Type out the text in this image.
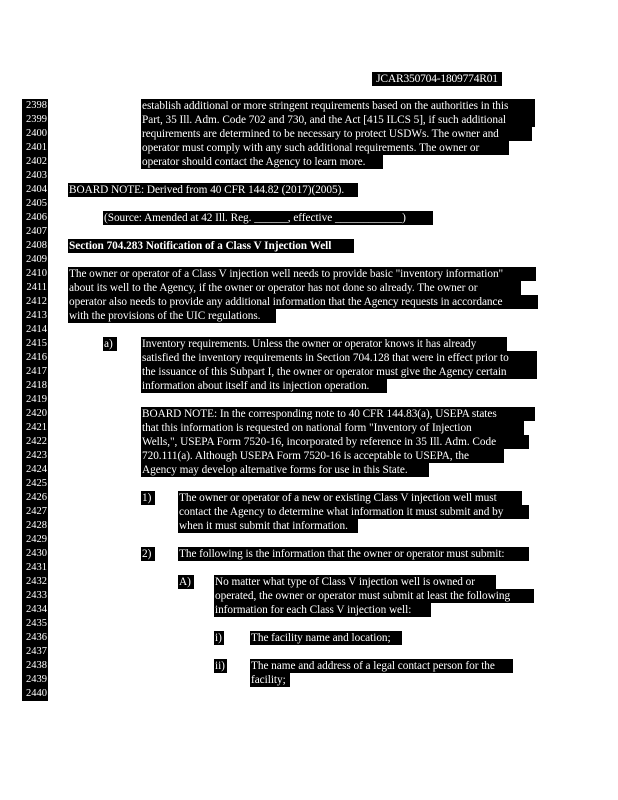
JCAR350704-1809774R01
2398
2399
2400
2401
2402
2403
2404
2405
2406
2407
2408
2409
2410
2411
2412
2413
2414
2415
2416
2417
2418
2419
2420
2421
2422
2423
2424
2425
2426
2427
2428
2429
2430
2431
2432
2433
2434
2435
2436
2437
2438
2439
2440
establish additional or more stringent requirements based on the authorities in this
Part, 35 Ill. Adm. Code 702 and 730, and the Act [415 ILCS 5], if such additional
requirements are determined to be necessary to protect USDWs. The owner and
operator must comply with any such additional requirements. The owner or
operator should contact the Agency to learn more.
BOARD NOTE: Derived from 40 CFR 144.82 (2017)(2005).
(Source: Amended at 42 Ill. Reg. ______, effective ____________)
Section 704.283 Notification of a Class V Injection Well
The owner or operator of a Class V injection well needs to provide basic "inventory information"
about its well to the Agency, if the owner or operator has not done so already. The owner or
operator also needs to provide any additional information that the Agency requests in accordance
with the provisions of the UIC regulations.
a)	Inventory requirements. Unless the owner or operator knows it has already
satisfied the inventory requirements in Section 704.128 that were in effect prior to
the issuance of this Subpart I, the owner or operator must give the Agency certain
information about itself and its injection operation.
BOARD NOTE: In the corresponding note to 40 CFR 144.83(a), USEPA states
that this information is requested on national form "Inventory of Injection
Wells,", USEPA Form 7520-16, incorporated by reference in 35 Ill. Adm. Code
720.111(a). Although USEPA Form 7520-16 is acceptable to USEPA, the
Agency may develop alternative forms for use in this State.
1)	The owner or operator of a new or existing Class V injection well must
contact the Agency to determine what information it must submit and by
when it must submit that information.
2)	The following is the information that the owner or operator must submit:
A) No matter what type of Class V injection well is owned or
operated, the owner or operator must submit at least the following
information for each Class V injection well:
i)	The facility name and location;
ii) The name and address of a legal contact person for the
facility;
